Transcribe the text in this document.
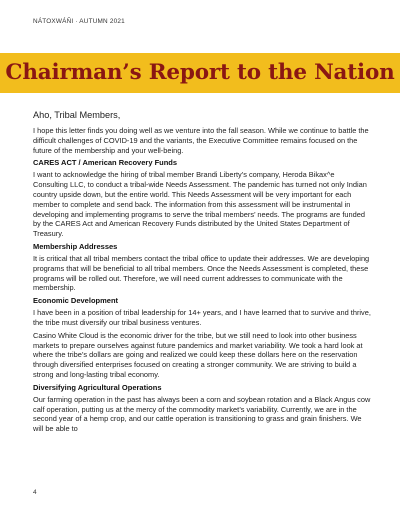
NÁTOXWÁÑI · AUTUMN 2021
Chairman’s Report to the Nation

Aho, Tribal Members,

I hope this letter finds you doing well as we venture into the fall season. While we continue to battle the difficult challenges of COVID-19 and the variants, the Executive Committee remains focused on the future of the membership and your well-being.

CARES ACT / American Recovery Funds

I want to acknowledge the hiring of tribal member Brandi Liberty’s company, Heroda Bikax^e Consulting LLC, to conduct a tribal-wide Needs Assessment. The pandemic has turned not only Indian country upside down, but the entire world. This Needs Assessment will be very important for each member to complete and send back. The information from this assessment will be instrumental in developing and implementing programs to serve the tribal members’ needs. The programs are funded by the CARES Act and American Recovery Funds distributed by the United States Department of Treasury.

Membership Addresses

It is critical that all tribal members contact the tribal office to update their addresses. We are developing programs that will be beneficial to all tribal members. Once the Needs Assessment is completed, these programs will be rolled out. Therefore, we will need current addresses to communicate with the membership.

Economic Development

I have been in a position of tribal leadership for 14+ years, and I have learned that to survive and thrive, the tribe must diversify our tribal business ventures.

Casino White Cloud is the economic driver for the tribe, but we still need to look into other business markets to prepare ourselves against future pandemics and market variability. We took a hard look at where the tribe’s dollars are going and realized we could keep these dollars here on the reservation through diversified enterprises focused on creating a stronger community. We are striving to build a strong and long-lasting tribal economy.

Diversifying Agricultural Operations

Our farming operation in the past has always been a corn and soybean rotation and a Black Angus cow calf operation, putting us at the mercy of the commodity market’s variability. Currently, we are in the second year of a hemp crop, and our cattle operation is transitioning to grass and grain finishers. We will be able to

4
